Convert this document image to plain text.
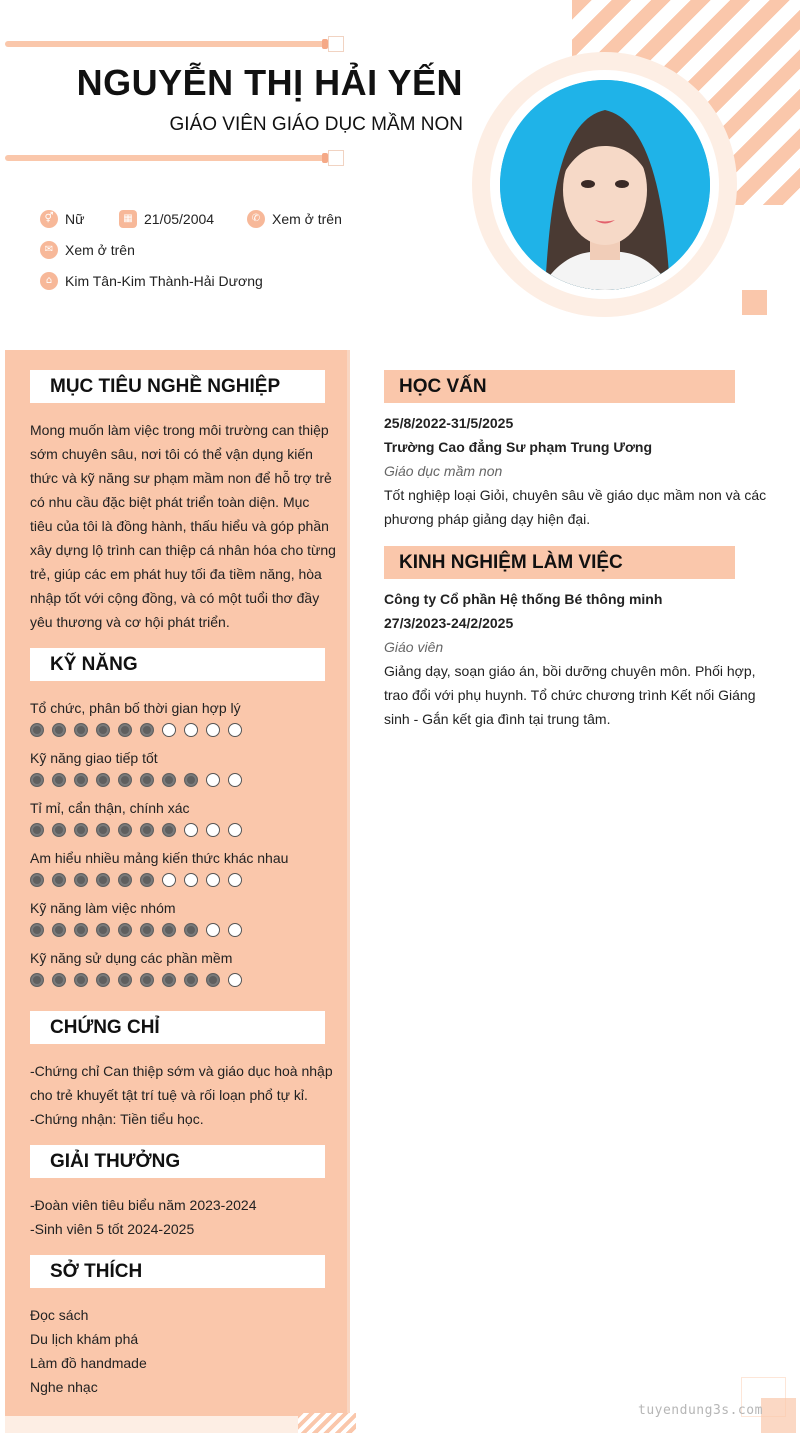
NGUYỄN THỊ HẢI YẾN
GIÁO VIÊN GIÁO DỤC MẦM NON
⚥ Nữ	▦ 21/05/2004	✆ Xem ở trên
✉ Xem ở trên
⌂ Kim Tân-Kim Thành-Hải Dương
MỤC TIÊU NGHỀ NGHIỆP
Mong muốn làm việc trong môi trường can thiệp
sớm chuyên sâu, nơi tôi có thể vận dụng kiến
thức và kỹ năng sư phạm mầm non để hỗ trợ trẻ
có nhu cầu đặc biệt phát triển toàn diện. Mục
tiêu của tôi là đồng hành, thấu hiểu và góp phần
xây dựng lộ trình can thiệp cá nhân hóa cho từng
trẻ, giúp các em phát huy tối đa tiềm năng, hòa
nhập tốt với cộng đồng, và có một tuổi thơ đầy
yêu thương và cơ hội phát triển.
KỸ NĂNG
Tổ chức, phân bố thời gian hợp lý
Kỹ năng giao tiếp tốt
Tỉ mỉ, cẩn thận, chính xác
Am hiểu nhiều mảng kiến thức khác nhau
Kỹ năng làm việc nhóm
Kỹ năng sử dụng các phần mềm
CHỨNG CHỈ
-Chứng chỉ Can thiệp sớm và giáo dục hoà nhập
cho trẻ khuyết tật trí tuệ và rối loạn phổ tự kỉ.
-Chứng nhận: Tiền tiểu học.
GIẢI THƯỞNG
-Đoàn viên tiêu biểu năm 2023-2024
-Sinh viên 5 tốt 2024-2025
SỞ THÍCH
Đọc sách
Du lịch khám phá
Làm đồ handmade
Nghe nhạc
HỌC VẤN
25/8/2022-31/5/2025
Trường Cao đẳng Sư phạm Trung Ương
Giáo dục mầm non
Tốt nghiệp loại Giỏi, chuyên sâu về giáo dục mầm non và các
phương pháp giảng dạy hiện đại.
KINH NGHIỆM LÀM VIỆC
Công ty Cổ phần Hệ thống Bé thông minh
27/3/2023-24/2/2025
Giáo viên
Giảng dạy, soạn giáo án, bồi dưỡng chuyên môn. Phối hợp,
trao đổi với phụ huynh. Tổ chức chương trình Kết nối Giáng
sinh - Gắn kết gia đình tại trung tâm.
tuyendung3s.com
